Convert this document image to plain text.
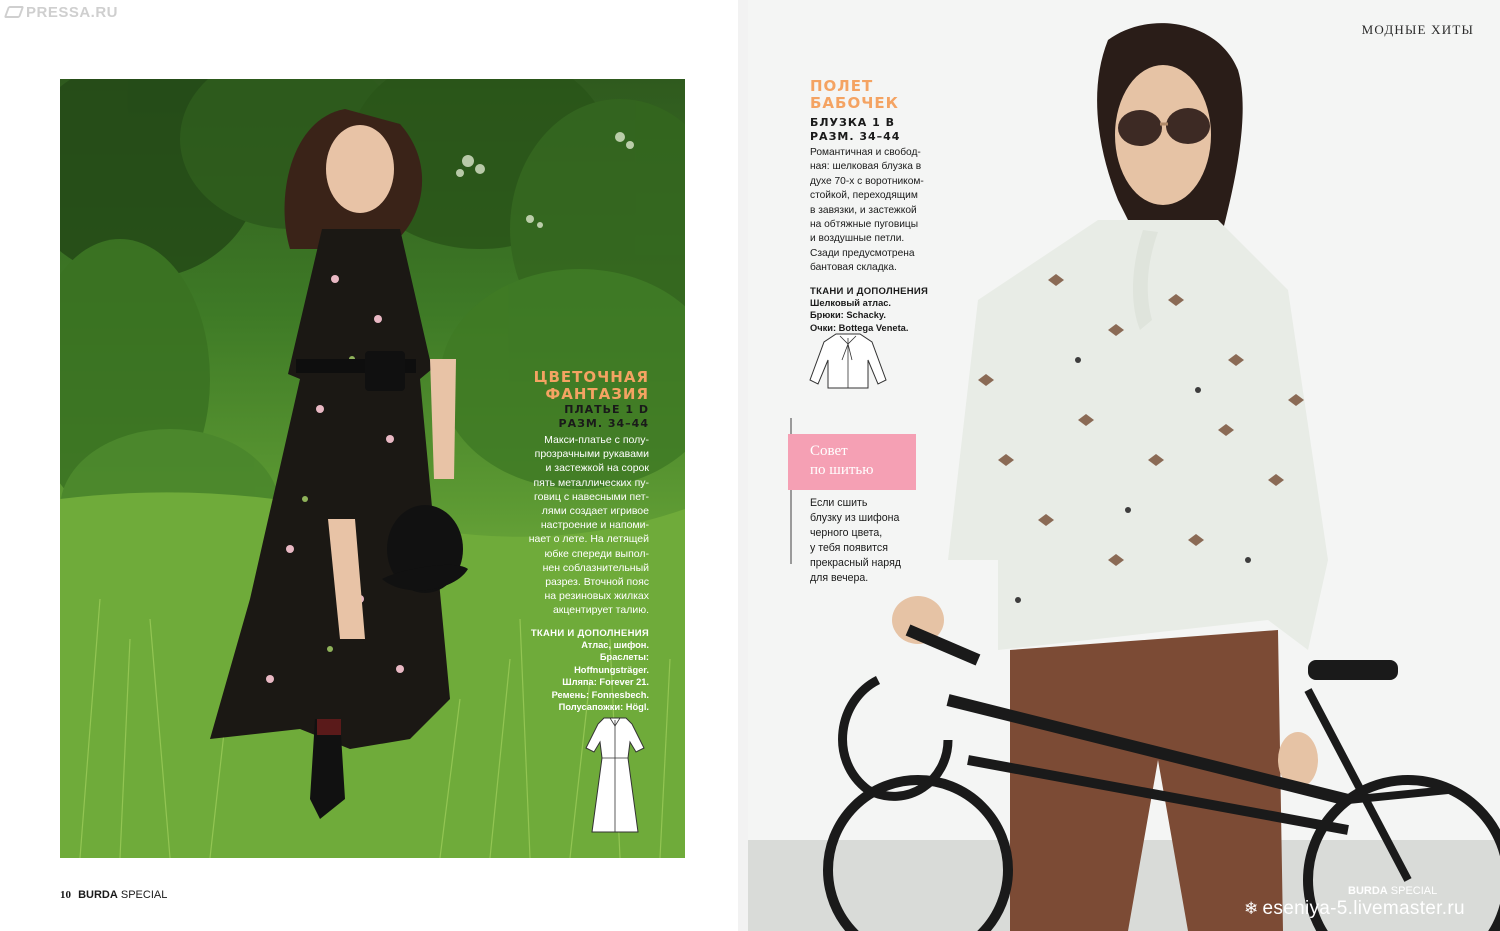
PRESSA.RU
ЦВЕТОЧНАЯ
ФАНТАЗИЯ
ПЛАТЬЕ 1 D
РАЗМ. 34–44
Макси-платье с полу-
прозрачными рукавами
и застежкой на сорок
пять металлических пу-
говиц с навесными пет-
лями создает игривое
настроение и напоми-
нает о лете. На летящей
юбке спереди выпол-
нен соблазнительный
разрез. Вточной пояс
на резиновых жилках
акцентирует талию.
ТКАНИ И ДОПОЛНЕНИЯ
Атлас, шифон.
Браслеты:
Hoffnungsträger.
Шляпа: Forever 21.
Ремень: Fonnesbech.
Полусапожки: Högl.
10 BURDA SPECIAL
МОДНЫЕ ХИТЫ
ПОЛЕТ
БАБОЧЕК
БЛУЗКА 1 В
РАЗМ. 34–44
Романтичная и свобод-
ная: шелковая блузка в
духе 70-х с воротником-
стойкой, переходящим
в завязки, и застежкой
на обтяжные пуговицы
и воздушные петли.
Сзади предусмотрена
бантовая складка.
ТКАНИ И ДОПОЛНЕНИЯ
Шелковый атлас.
Брюки: Schacky.
Очки: Bottega Veneta.
Совет
по шитью
Если сшить
блузку из шифона
черного цвета,
у тебя появится
прекрасный наряд
для вечера.
BURDA SPECIAL
❄ eseniya-5.livemaster.ru
